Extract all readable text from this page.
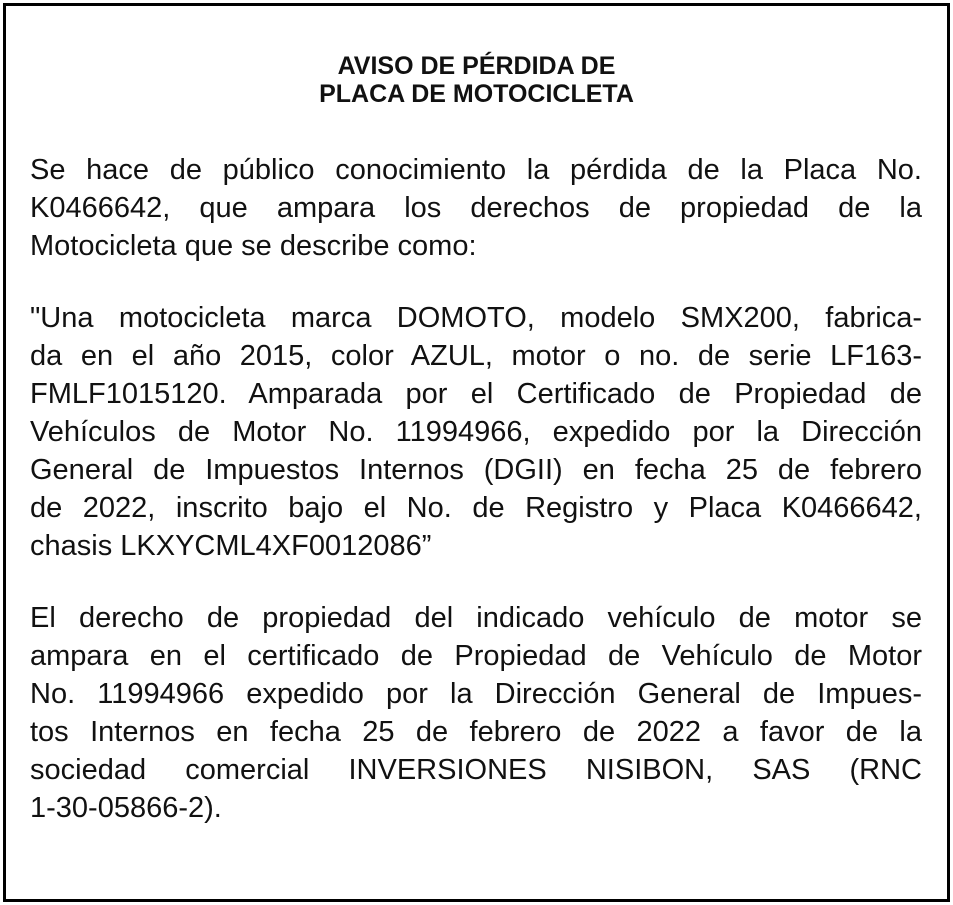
AVISO DE PÉRDIDA DE
PLACA DE MOTOCICLETA

Se hace de público conocimiento la pérdida de la Placa No.
K0466642, que ampara los derechos de propiedad de la
Motocicleta que se describe como:

"Una motocicleta marca DOMOTO, modelo SMX200, fabrica-
da en el año 2015, color AZUL, motor o no. de serie LF163-
FMLF1015120. Amparada por el Certificado de Propiedad de
Vehículos de Motor No. 11994966, expedido por la Dirección
General de Impuestos Internos (DGII) en fecha 25 de febrero
de 2022, inscrito bajo el No. de Registro y Placa K0466642,
chasis LKXYCML4XF0012086”

El derecho de propiedad del indicado vehículo de motor se
ampara en el certificado de Propiedad de Vehículo de Motor
No. 11994966 expedido por la Dirección General de Impues-
tos Internos en fecha 25 de febrero de 2022 a favor de la
sociedad comercial INVERSIONES NISIBON, SAS (RNC
1-30-05866-2).
